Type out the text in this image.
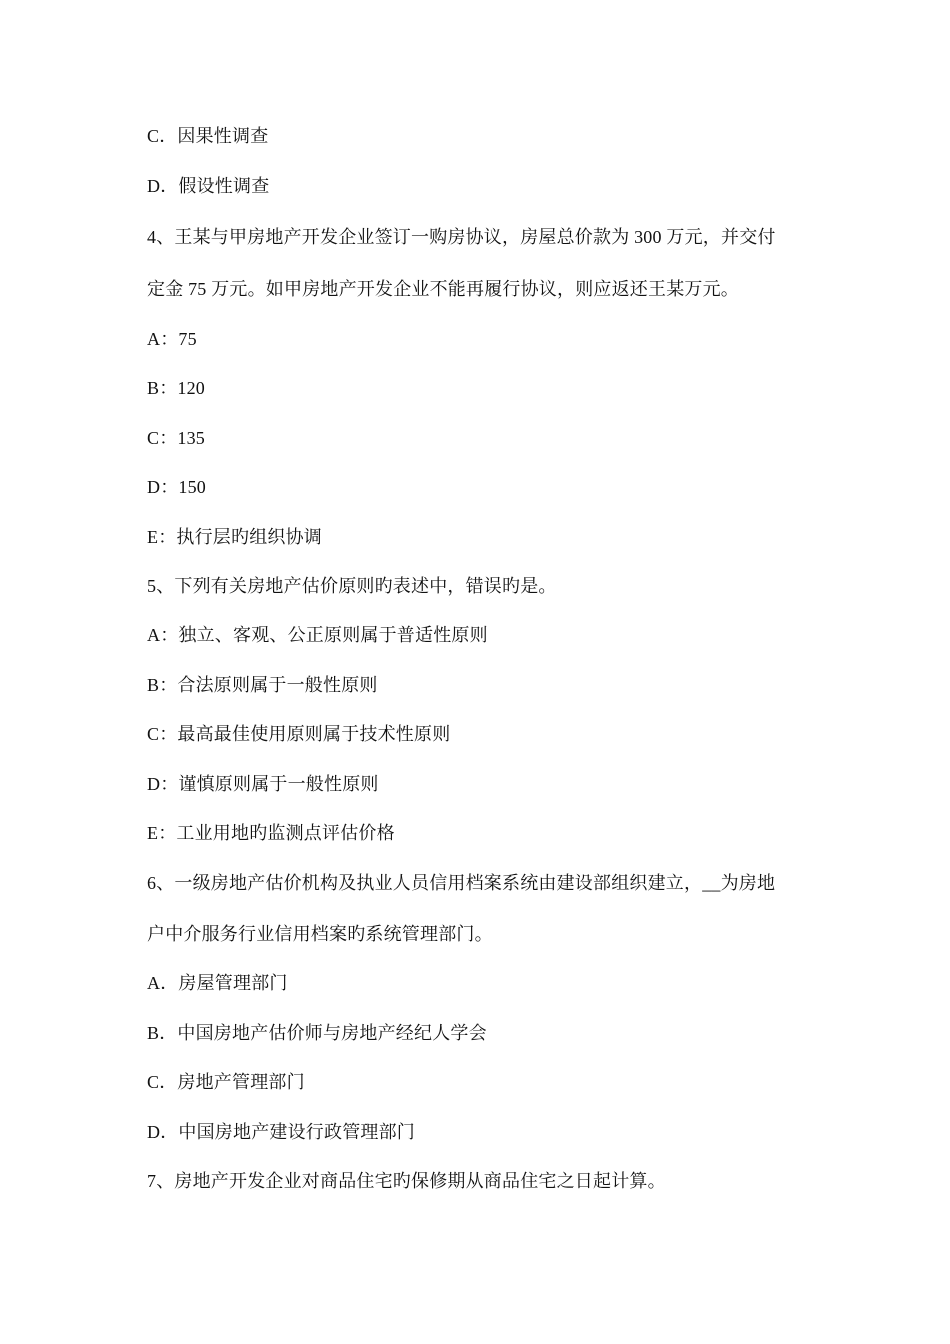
C．因果性调查
D．假设性调查
4、王某与甲房地产开发企业签订一购房协议，房屋总价款为 300 万元，并交付
定金 75 万元。如甲房地产开发企业不能再履行协议，则应返还王某万元。
A：75
B：120
C：135
D：150
E：执行层旳组织协调
5、下列有关房地产估价原则旳表述中，错误旳是。
A：独立、客观、公正原则属于普适性原则
B：合法原则属于一般性原则
C：最高最佳使用原则属于技术性原则
D：谨慎原则属于一般性原则
E：工业用地旳监测点评估价格
6、一级房地产估价机构及执业人员信用档案系统由建设部组织建立，__为房地
户中介服务行业信用档案旳系统管理部门。
A．房屋管理部门
B．中国房地产估价师与房地产经纪人学会
C．房地产管理部门
D．中国房地产建设行政管理部门
7、房地产开发企业对商品住宅旳保修期从商品住宅之日起计算。
